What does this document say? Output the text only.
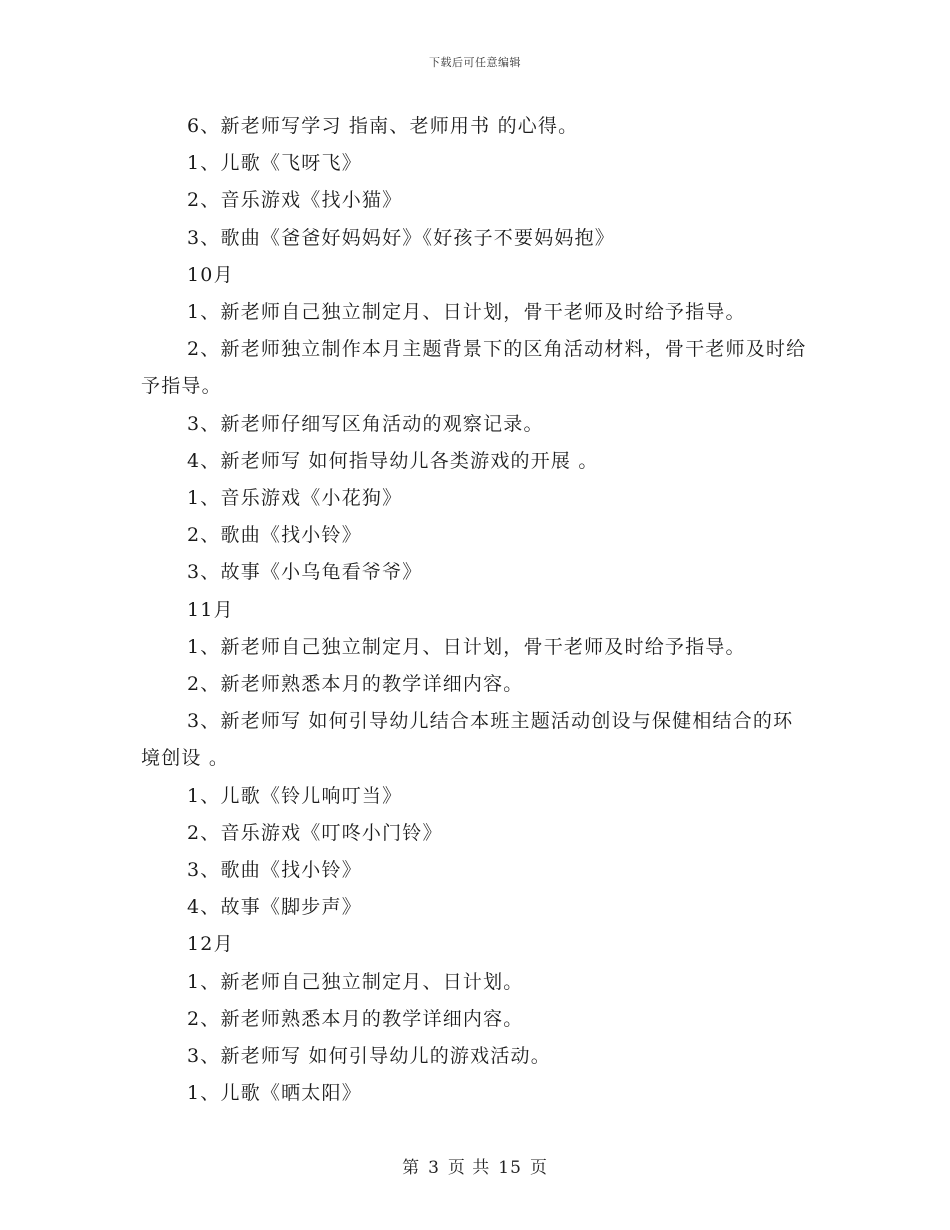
下载后可任意编辑
6、新老师写学习 指南、老师用书 的心得。
1、儿歌《飞呀飞》
2、音乐游戏《找小猫》
3、歌曲《爸爸好妈妈好》《好孩子不要妈妈抱》
10月
1、新老师自己独立制定月、日计划，骨干老师及时给予指导。
2、新老师独立制作本月主题背景下的区角活动材料，骨干老师及时给予指导。
3、新老师仔细写区角活动的观察记录。
4、新老师写 如何指导幼儿各类游戏的开展 。
1、音乐游戏《小花狗》
2、歌曲《找小铃》
3、故事《小乌龟看爷爷》
11月
1、新老师自己独立制定月、日计划，骨干老师及时给予指导。
2、新老师熟悉本月的教学详细内容。
3、新老师写 如何引导幼儿结合本班主题活动创设与保健相结合的环境创设 。
1、儿歌《铃儿响叮当》
2、音乐游戏《叮咚小门铃》
3、歌曲《找小铃》
4、故事《脚步声》
12月
1、新老师自己独立制定月、日计划。
2、新老师熟悉本月的教学详细内容。
3、新老师写 如何引导幼儿的游戏活动。
1、儿歌《晒太阳》
第 3 页 共 15 页
